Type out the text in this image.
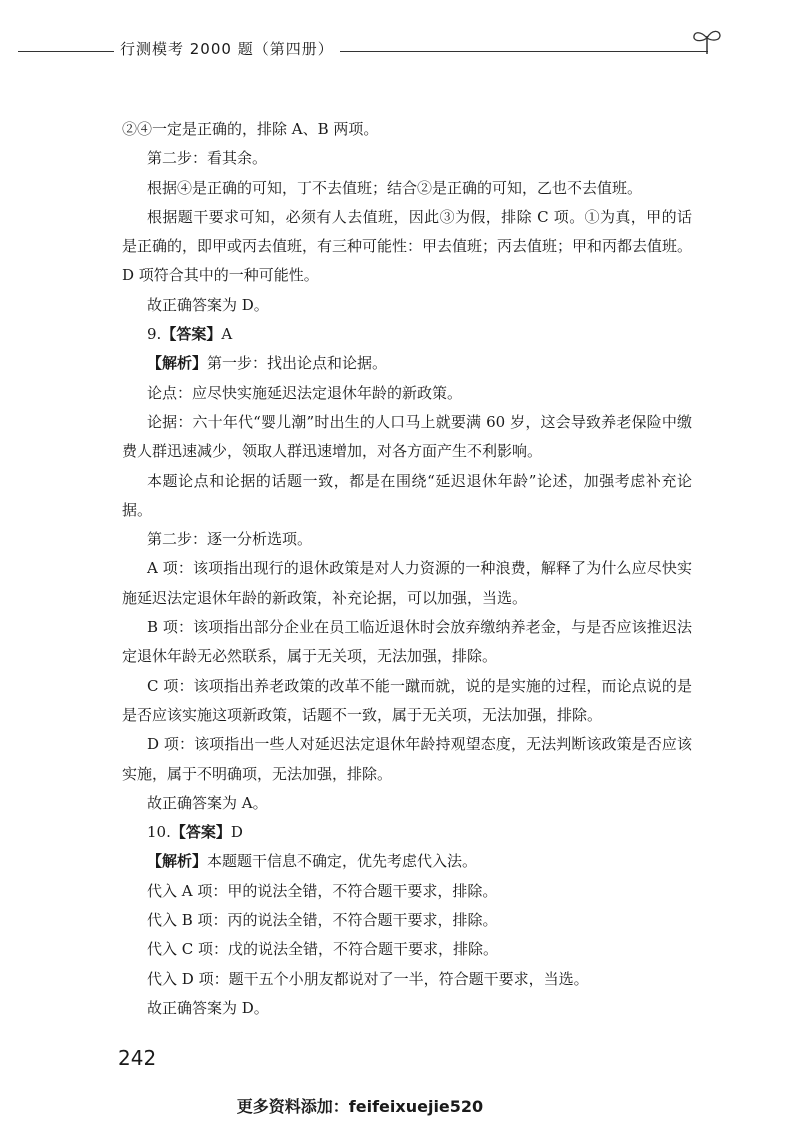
行测模考 2000 题（第四册）

②④一定是正确的，排除 A、B 两项。

第二步：看其余。

根据④是正确的可知，丁不去值班；结合②是正确的可知，乙也不去值班。

根据题干要求可知，必须有人去值班，因此③为假，排除 C 项。①为真，甲的话是正确的，即甲或丙去值班，有三种可能性：甲去值班；丙去值班；甲和丙都去值班。D 项符合其中的一种可能性。

故正确答案为 D。

9.【答案】A

【解析】第一步：找出论点和论据。

论点：应尽快实施延迟法定退休年龄的新政策。

论据：六十年代“婴儿潮”时出生的人口马上就要满 60 岁，这会导致养老保险中缴费人群迅速减少，领取人群迅速增加，对各方面产生不利影响。

本题论点和论据的话题一致，都是在围绕“延迟退休年龄”论述，加强考虑补充论据。

第二步：逐一分析选项。

A 项：该项指出现行的退休政策是对人力资源的一种浪费，解释了为什么应尽快实施延迟法定退休年龄的新政策，补充论据，可以加强，当选。

B 项：该项指出部分企业在员工临近退休时会放弃缴纳养老金，与是否应该推迟法定退休年龄无必然联系，属于无关项，无法加强，排除。

C 项：该项指出养老政策的改革不能一蹴而就，说的是实施的过程，而论点说的是是否应该实施这项新政策，话题不一致，属于无关项，无法加强，排除。

D 项：该项指出一些人对延迟法定退休年龄持观望态度，无法判断该政策是否应该实施，属于不明确项，无法加强，排除。

故正确答案为 A。

10.【答案】D

【解析】本题题干信息不确定，优先考虑代入法。

代入 A 项：甲的说法全错，不符合题干要求，排除。

代入 B 项：丙的说法全错，不符合题干要求，排除。

代入 C 项：戊的说法全错，不符合题干要求，排除。

代入 D 项：题干五个小朋友都说对了一半，符合题干要求，当选。

故正确答案为 D。

242
更多资料添加：feifeixuejie520
